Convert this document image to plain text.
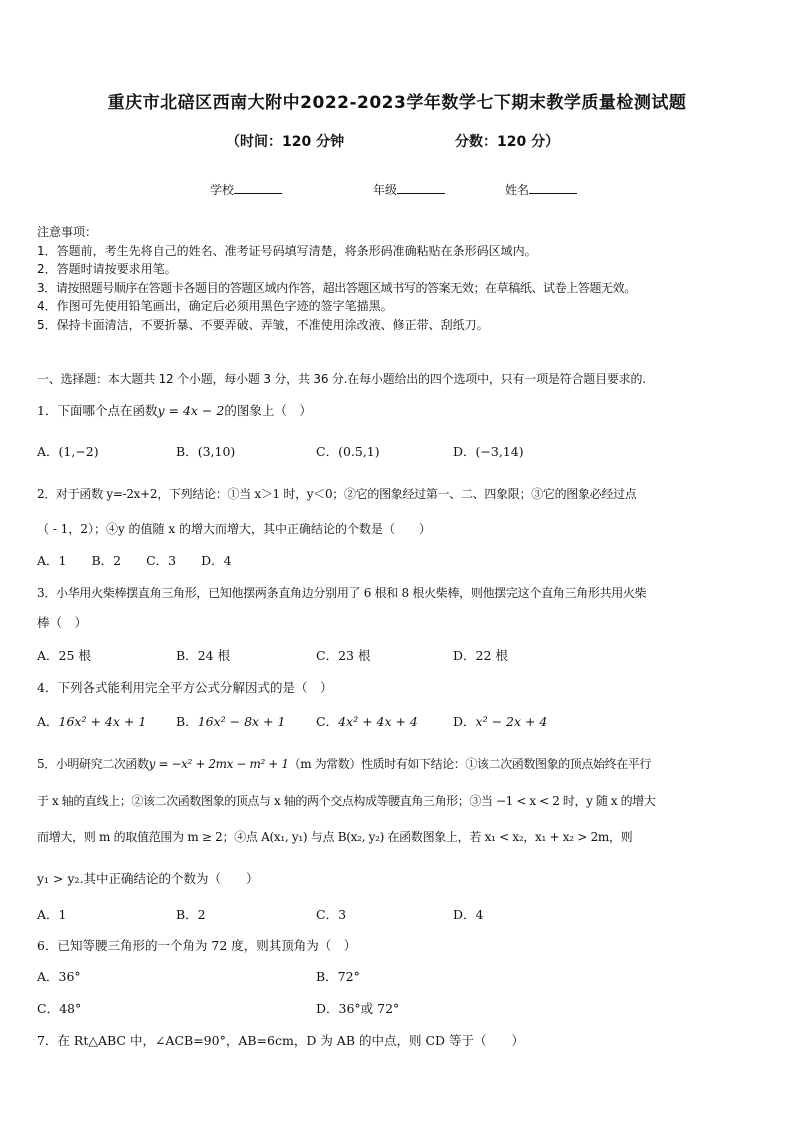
重庆市北碚区西南大附中2022-2023学年数学七下期末教学质量检测试题
（时间：120 分钟	分数：120 分）
学校	年级	姓名
注意事项：
1．答题前，考生先将自己的姓名、准考证号码填写清楚，将条形码准确粘贴在条形码区域内。
2．答题时请按要求用笔。
3．请按照题号顺序在答题卡各题目的答题区域内作答，超出答题区域书写的答案无效；在草稿纸、试卷上答题无效。
4．作图可先使用铅笔画出，确定后必须用黑色字迹的签字笔描黑。
5．保持卡面清洁，不要折暴、不要弄破、弄皱，不准使用涂改液、修正带、刮纸刀。
一、选择题：本大题共 12 个小题，每小题 3 分，共 36 分.在每小题给出的四个选项中，只有一项是符合题目要求的.
1．下面哪个点在函数y = 4x − 2的图象上（　）
A．(1,−2)	B．(3,10)	C．(0.5,1)	D．(−3,14)
2．对于函数 y=-2x+2，下列结论：①当 x＞1 时，y＜0；②它的图象经过第一、二、四象限；③它的图象必经过点
（ - 1，2）；④y 的值随 x 的增大而增大，其中正确结论的个数是（　　）
A．1　　B．2　　C．3　　D．4
3．小华用火柴棒摆直角三角形，已知他摆两条直角边分别用了 6 根和 8 根火柴棒，则他摆完这个直角三角形共用火柴
棒（　）
A．25 根	B．24 根	C．23 根	D．22 根
4．下列各式能利用完全平方公式分解因式的是（　）
A．16x² + 4x + 1 B．16x² − 8x + 1 C．4x² + 4x + 4	D．x² − 2x + 4
5．小明研究二次函数y = −x² + 2mx − m² + 1（m 为常数）性质时有如下结论：①该二次函数图象的顶点始终在平行
于 x 轴的直线上；②该二次函数图象的顶点与 x 轴的两个交点构成等腰直角三角形；③当 −1 < x < 2 时，y 随 x 的增大
而增大，则 m 的取值范围为 m ≥ 2；④点 A(x₁, y₁) 与点 B(x₂, y₂) 在函数图象上，若 x₁ < x₂，x₁ + x₂ > 2m，则
y₁ > y₂.其中正确结论的个数为（　　）
A．1	B．2	C．3	D．4
6．已知等腰三角形的一个角为 72 度，则其顶角为（　）
A．36°	B．72°
C．48°	D．36°或 72°
7．在 Rt△ABC 中，∠ACB=90°，AB=6cm，D 为 AB 的中点，则 CD 等于（　　）
